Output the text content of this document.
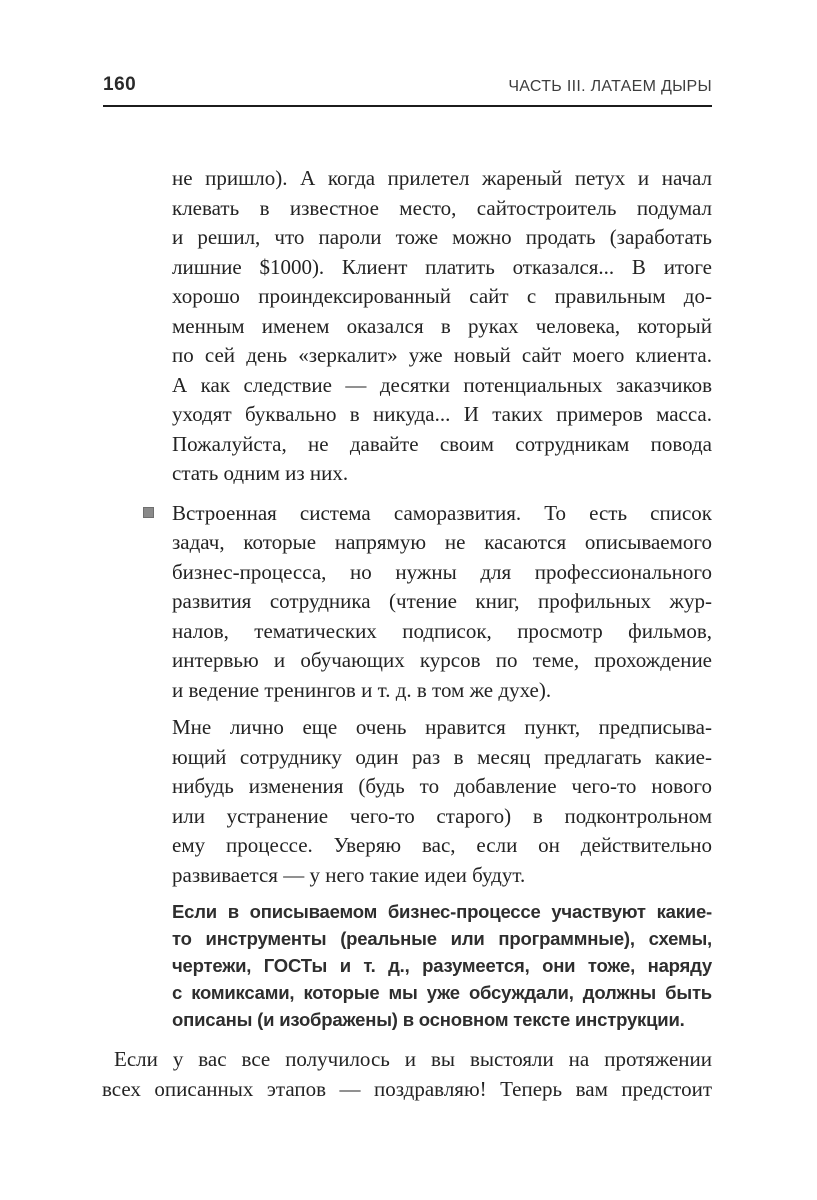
160	ЧАСТЬ III. ЛАТАЕМ ДЫРЫ
не пришло). А когда прилетел жареный петух и начал
клевать в известное место, сайтостроитель подумал
и решил, что пароли тоже можно продать (заработать
лишние $1000). Клиент платить отказался... В итоге
хорошо проиндексированный сайт с правильным до-
менным именем оказался в руках человека, который
по сей день «зеркалит» уже новый сайт моего клиента.
А как следствие — десятки потенциальных заказчиков
уходят буквально в никуда... И таких примеров масса.
Пожалуйста, не давайте своим сотрудникам повода
стать одним из них.
Встроенная система саморазвития. То есть список
задач, которые напрямую не касаются описываемого
бизнес-процесса, но нужны для профессионального
развития сотрудника (чтение книг, профильных жур-
налов, тематических подписок, просмотр фильмов,
интервью и обучающих курсов по теме, прохождение
и ведение тренингов и т. д. в том же духе).
Мне лично еще очень нравится пункт, предписыва-
ющий сотруднику один раз в месяц предлагать какие-
нибудь изменения (будь то добавление чего-то нового
или устранение чего-то старого) в подконтрольном
ему процессе. Уверяю вас, если он действительно
развивается — у него такие идеи будут.
Если в описываемом бизнес-процессе участвуют какие-
то инструменты (реальные или программные), схемы,
чертежи, ГОСТы и т. д., разумеется, они тоже, наряду
с комиксами, которые мы уже обсуждали, должны быть
описаны (и изображены) в основном тексте инструкции.
Если у вас все получилось и вы выстояли на протяжении
всех описанных этапов — поздравляю! Теперь вам предстоит
